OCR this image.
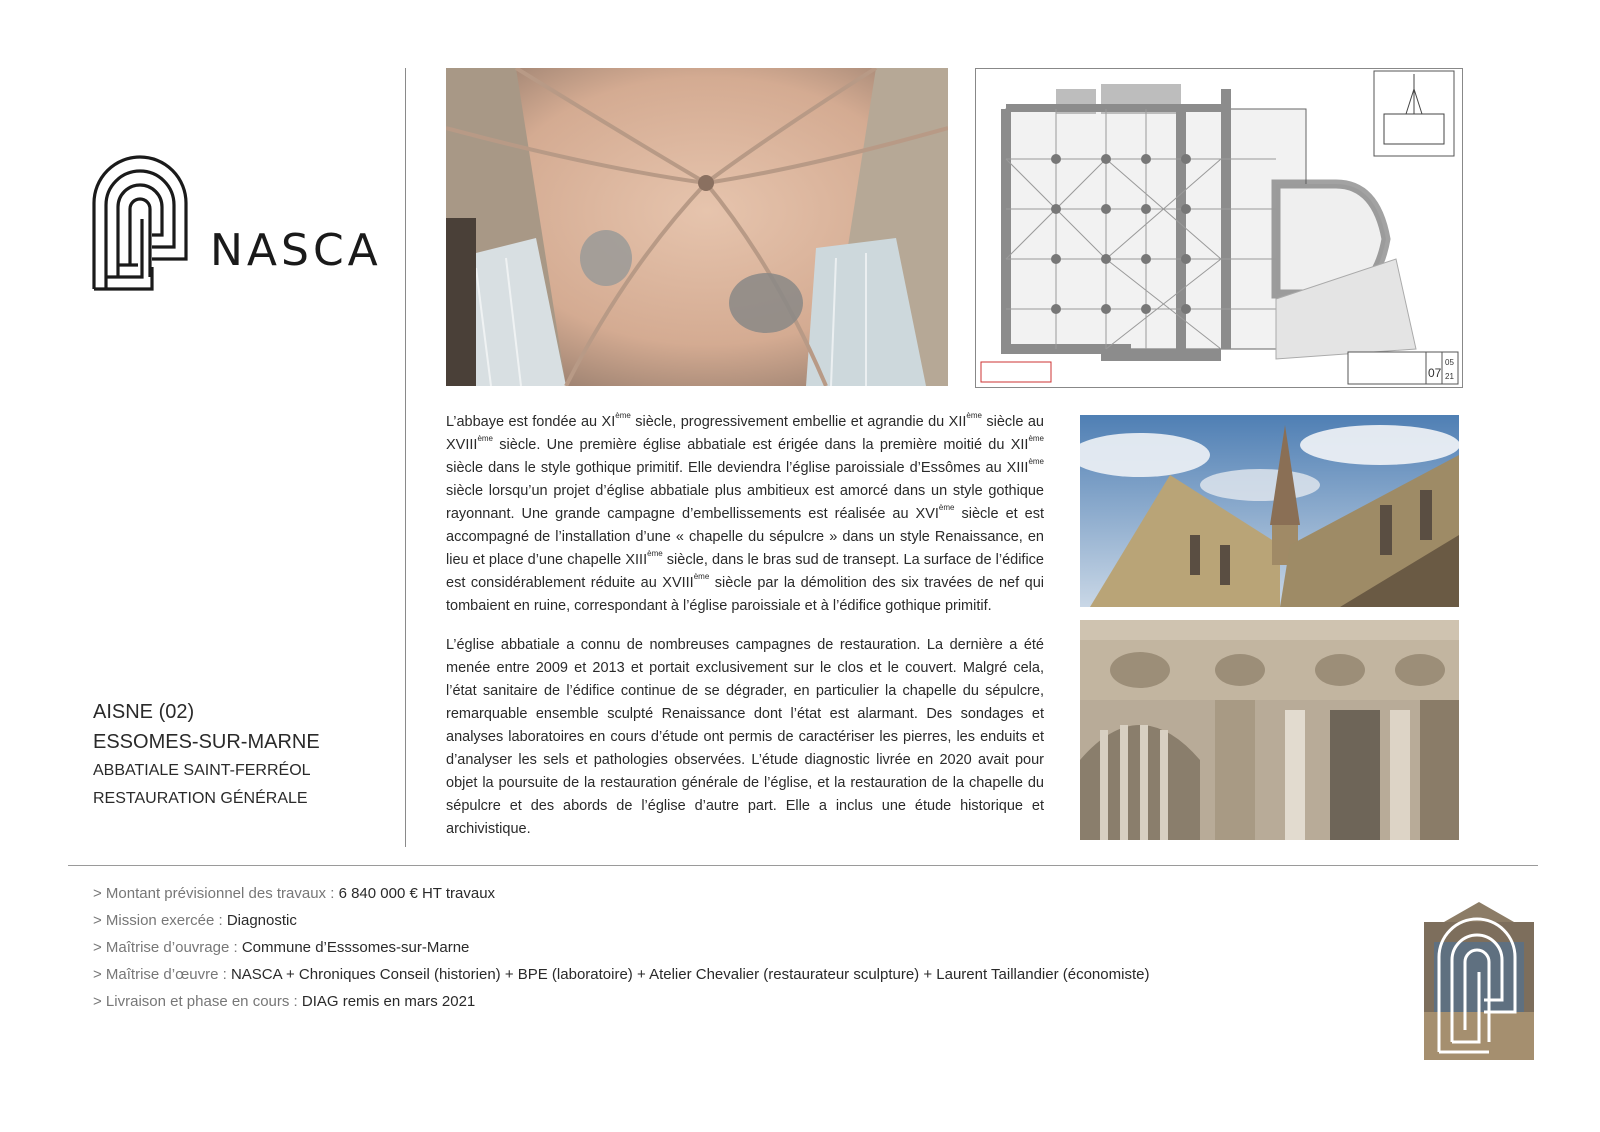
NASCA
AISNE (02)
ESSOMES-SUR-MARNE
ABBATIALE SAINT-FERRÉOL
RESTAURATION GÉNÉRALE
07
05
21

L’abbaye est fondée au XIème siècle, progressivement embellie et agrandie du XIIème siècle au XVIIIème siècle. Une première église abbatiale est érigée dans la première moitié du XIIème siècle dans le style gothique primitif. Elle deviendra l’église paroissiale d’Essômes au XIIIème siècle lorsqu’un projet d’église abbatiale plus ambitieux est amorcé dans un style gothique rayonnant. Une grande campagne d’embellissements est réalisée au XVIème siècle et est accompagné de l’installation d’une « chapelle du sépulcre » dans un style Renaissance, en lieu et place d’une chapelle XIIIème siècle, dans le bras sud de transept. La surface de l’édifice est considérablement réduite au XVIIIème siècle par la démolition des six travées de nef qui tombaient en ruine, correspondant à l’église paroissiale et à l’édifice gothique primitif.

L’église abbatiale a connu de nombreuses campagnes de restauration. La dernière a été menée entre 2009 et 2013 et portait exclusivement sur le clos et le couvert. Malgré cela, l’état sanitaire de l’édifice continue de se dégrader, en particulier la chapelle du sépulcre, remarquable ensemble sculpté Renaissance dont l’état est alarmant. Des sondages et analyses laboratoires en cours d’étude ont permis de caractériser les pierres, les enduits et d’analyser les sels et pathologies observées. L’étude diagnostic livrée en 2020 avait pour objet la poursuite de la restauration générale de l’église, et la restauration de la chapelle du sépulcre et des abords de l’église d’autre part. Elle a inclus une étude historique et archivistique.

> Montant prévisionnel des travaux : 6 840 000 € HT travaux
> Mission exercée : Diagnostic
> Maîtrise d’ouvrage : Commune d’Esssomes-sur-Marne
> Maîtrise d’œuvre : NASCA + Chroniques Conseil (historien) + BPE (laboratoire) + Atelier Chevalier (restaurateur sculpture) + Laurent Taillandier (économiste)
> Livraison et phase en cours : DIAG remis en mars 2021
